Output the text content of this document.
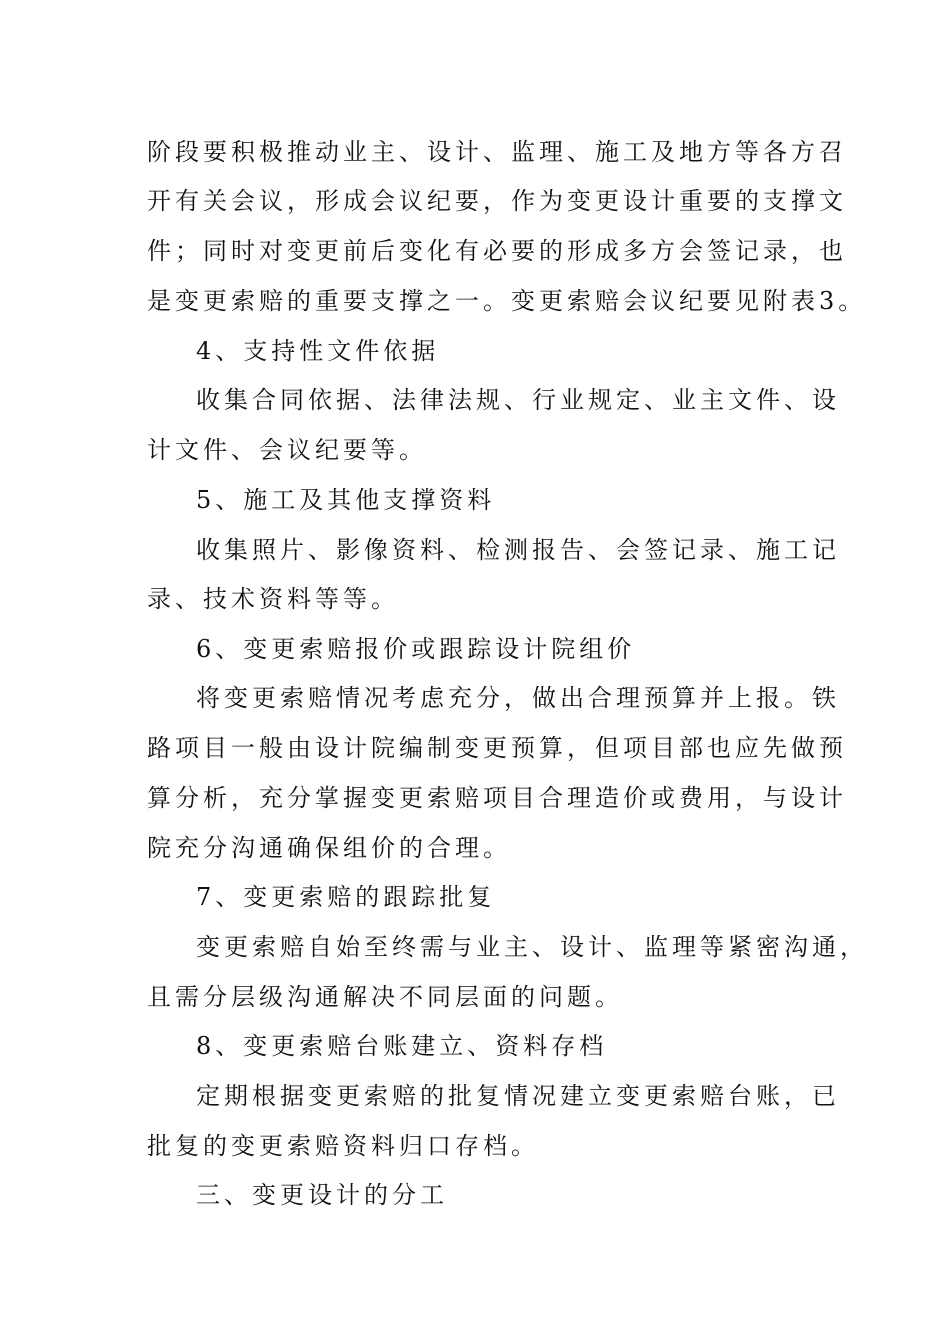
阶段要积极推动业主、设计、监理、施工及地方等各方召
开有关会议，形成会议纪要，作为变更设计重要的支撑文
件；同时对变更前后变化有必要的形成多方会签记录，也
是变更索赔的重要支撑之一。变更索赔会议纪要见附表3。
4、支持性文件依据
收集合同依据、法律法规、行业规定、业主文件、设
计文件、会议纪要等。
5、施工及其他支撑资料
收集照片、影像资料、检测报告、会签记录、施工记
录、技术资料等等。
6、变更索赔报价或跟踪设计院组价
将变更索赔情况考虑充分，做出合理预算并上报。铁
路项目一般由设计院编制变更预算，但项目部也应先做预
算分析，充分掌握变更索赔项目合理造价或费用，与设计
院充分沟通确保组价的合理。
7、变更索赔的跟踪批复
变更索赔自始至终需与业主、设计、监理等紧密沟通，
且需分层级沟通解决不同层面的问题。
8、变更索赔台账建立、资料存档
定期根据变更索赔的批复情况建立变更索赔台账，已
批复的变更索赔资料归口存档。
三、变更设计的分工
